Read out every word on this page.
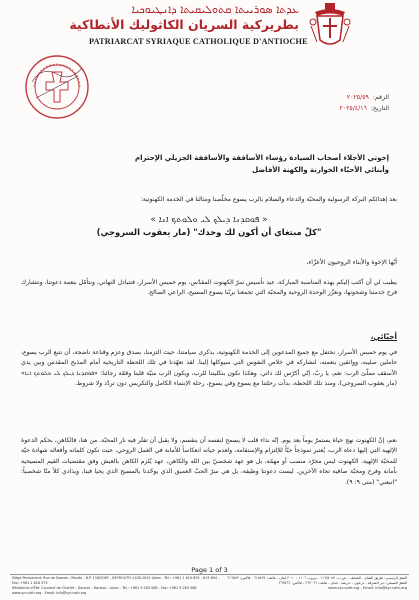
ܥܕܬܐ ܣܘܪܝܝܬܐ ܩܬܘܠܝܩܝܬܐ ܕܐܢܛܝܘܟܝܐ
بطريركية السريان الكاثوليك الأنطاكية
PATRIARCAT SYRIAQUE CATHOLIQUE D'ANTIOCHE
الرقم: ٢٠٢٥/٥٩
التاريخ: ٢٠٢٥/٤/١٦
إخوتي الأجلاء أصحاب السيادة رؤساء الأساقفة والأساقفة الجزيلي الإحترام
وأبنائي الأحبّاء الخوارنة والكهنة الأفاضل
بعد إهدائكم البركة الرسولية والمحبّة والدعاء والسلام بالرب يسوع مخلّصنا ومثالنا في الخدمة الكهنوتية:
« ܦܘܩܕܢܐ ܕܝܠܟ ܠܝ ܘܠܘܬܟ ܐܢܐ »
"كلّ مبتغاي أن أكون لك وحدك" (مار يعقوب السروجي)
أيّها الإخوة والأبناء الروحيون الأعزّاء،
يطيب لي أن أكتب إليكم بهذه المناسبة المباركة، عيد تأسيس سرّ الكهنوت المقدّس، يوم خميس الأسرار، فنتبادل التهاني، ونتأمّل بنعمة دعوتنا، ونتشارك فرح خدمتنا وشجونها، ونعزّز الوحدة الروحية والمحبّة التي تجمعنا بربّنا يسوع المسيح، الراعي الصالح.
أحبّائي،
في يوم خميس الأسرار، نحتفل مع جميع المدعوين إلى الخدمة الكهنوتية، بذكرى سيامتنا، حيث التزمنا، بصدق وعزم وقناعة ناضجة، أن نتبع الرب يسوع، حاملين صليبه، وواثقين بنعمته، لنشاركه في خلاص النفوس التي سيوكلها إلينا. لقد تعهّدنا في تلك اللحظة التاريخية أمام المذبح المقدس وبين يدي الأسقف مملّئ الرب: نعم، يا ربّ، إنّي أكرّس لك ذاتي. وهكذا نكون بتكليتنا للرب، ويكون الرب منيّة قلبنا وقمّة رجائنا: «ܦܘܩܕܢܐ ܕܝܠܟ ܠܝ ܘܠܘܬܟ ܐܢܐ» (مار يعقوب السروجي)، ومنذ تلك اللحظة، بدأت رحلتنا مع يسوع وفي يسوع، رحلة الإنتماء الكامل والتكريس دون تردّد ولا شروط.
نعم، إنّ الكهنوت نهج حياة يستمرّ يوماً بعد يوم. إنّه نداء قلب لا يسمح لنفسه أن ينقسم، ولا يقبل أن تفتُر فيه نار المحبّة. من هنا، فالكاهن، بحكم الدعوة الإلهية التي إليها دعاه الرب، يُعتبر نموذجاً حيّاً للإلتزام والإستقامة، ولعدم حياته انعكاساً للأمانة في العمل الروحي، حيث تكون كلماته وأفعاله شهادة حيّة للمحبّة الإلهية. الكهنوت ليس مجرّد منصب أو مهمّة، بل هو عهد شخصيّ بين الله والكاهن، عهد يُلزم الكاهن بالعيش وفق مقتضيات القيم المسيحية بأمانة وفرح ومحبّة صافية تجاه الآخرين. ليست دعوتنا وظيفة، بل هي سرّ الحبّ العميق الذي يوحّدنا بالمسيح الذي يحيا فينا، ويذادي كلاً منّا شخصياً: "اتبعني" (متى ٩: ٩).
Page 1 of 3
Siège Permanent: Rue de Damas - Musée - B.P. 116/5087 - BEYROUTH 1106-2010 Liban - Tél.: +961 1 615 892 - 615 894 - Fax: +961 1 616 573
Résidence d'Été: Couvent de Charfet - Daroun - Harissa - Liban - Tél.: +961 9 263 066 - Fax: +961 9 263 566
www.syr-cath.org - Email: info@syr-cath.org
المقرّ الرئيسي: طريق الشام - المتحف - ص.ب. ١١٦/٥٠٨٧ - بيروت ١١٠٦ - ٢٠١٠ لبنان - هاتف: ٦١٥٨٩٢ - فاكس: ٦١٦٥٧٣
المقرّ الصيفي: دير الشرفة - درعون - حريصا - لبنان - هاتف: ٢٦٣٠٦٦ - فاكس: ٢٦٣٥٦٦
www.syr-cath.org - Email: info@syr-cath.org
